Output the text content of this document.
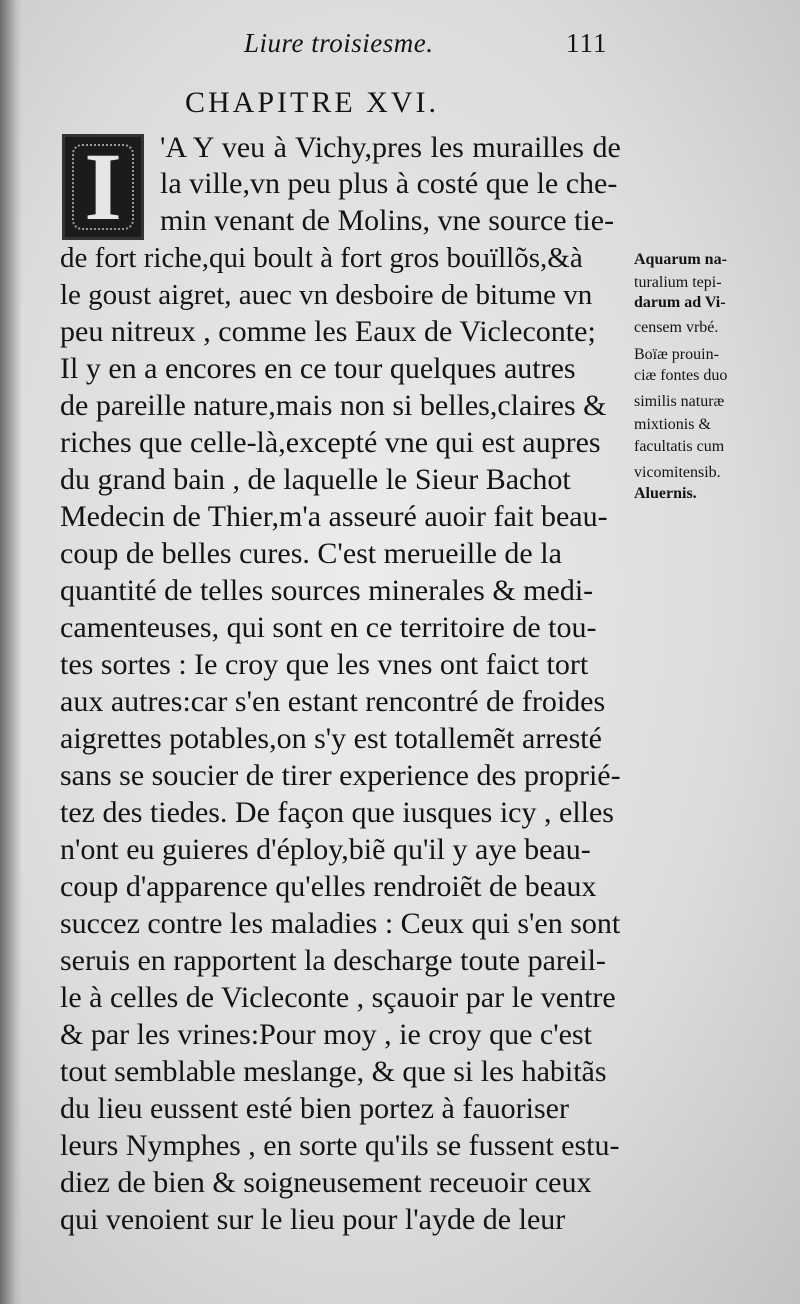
Liure troisiesme.	111
CHAPITRE XVI.
I	'A Y veu à Vichy,pres les murailles de
la ville,vn peu plus à costé que le che-
min venant de Molins, vne source tie-
de fort riche,qui boult à fort gros bouïllõs,&à
le goust aigret, auec vn desboire de bitume vn
peu nitreux , comme les Eaux de Vicleconte;
Il y en a encores en ce tour quelques autres
de pareille nature,mais non si belles,claires &
riches que celle-là,excepté vne qui est aupres
du grand bain , de laquelle le Sieur Bachot
Medecin de Thier,m'a asseuré auoir fait beau-
coup de belles cures. C'est merueille de la
quantité de telles sources minerales & medi-
camenteuses, qui sont en ce territoire de tou-
tes sortes : Ie croy que les vnes ont faict tort
aux autres:car s'en estant rencontré de froides
aigrettes potables,on s'y est totallemẽt arresté
sans se soucier de tirer experience des proprié-
tez des tiedes. De façon que iusques icy , elles
n'ont eu guieres d'éploy,biẽ qu'il y aye beau-
coup d'apparence qu'elles rendroiẽt de beaux
succez contre les maladies : Ceux qui s'en sont
seruis en rapportent la descharge toute pareil-
le à celles de Vicleconte , sçauoir par le ventre
& par les vrines:Pour moy , ie croy que c'est
tout semblable meslange, & que si les habitãs
du lieu eussent esté bien portez à fauoriser
leurs Nymphes , en sorte qu'ils se fussent estu-
diez de bien & soigneusement receuoir ceux
qui venoient sur le lieu pour l'ayde de leur
Aquarum na-
turalium tepi-
darum ad Vi-
censem vrbé.
Boïæ prouin-
ciæ fontes duo
similis naturæ
mixtionis &
facultatis cum
vicomitensib.
Aluernis.
